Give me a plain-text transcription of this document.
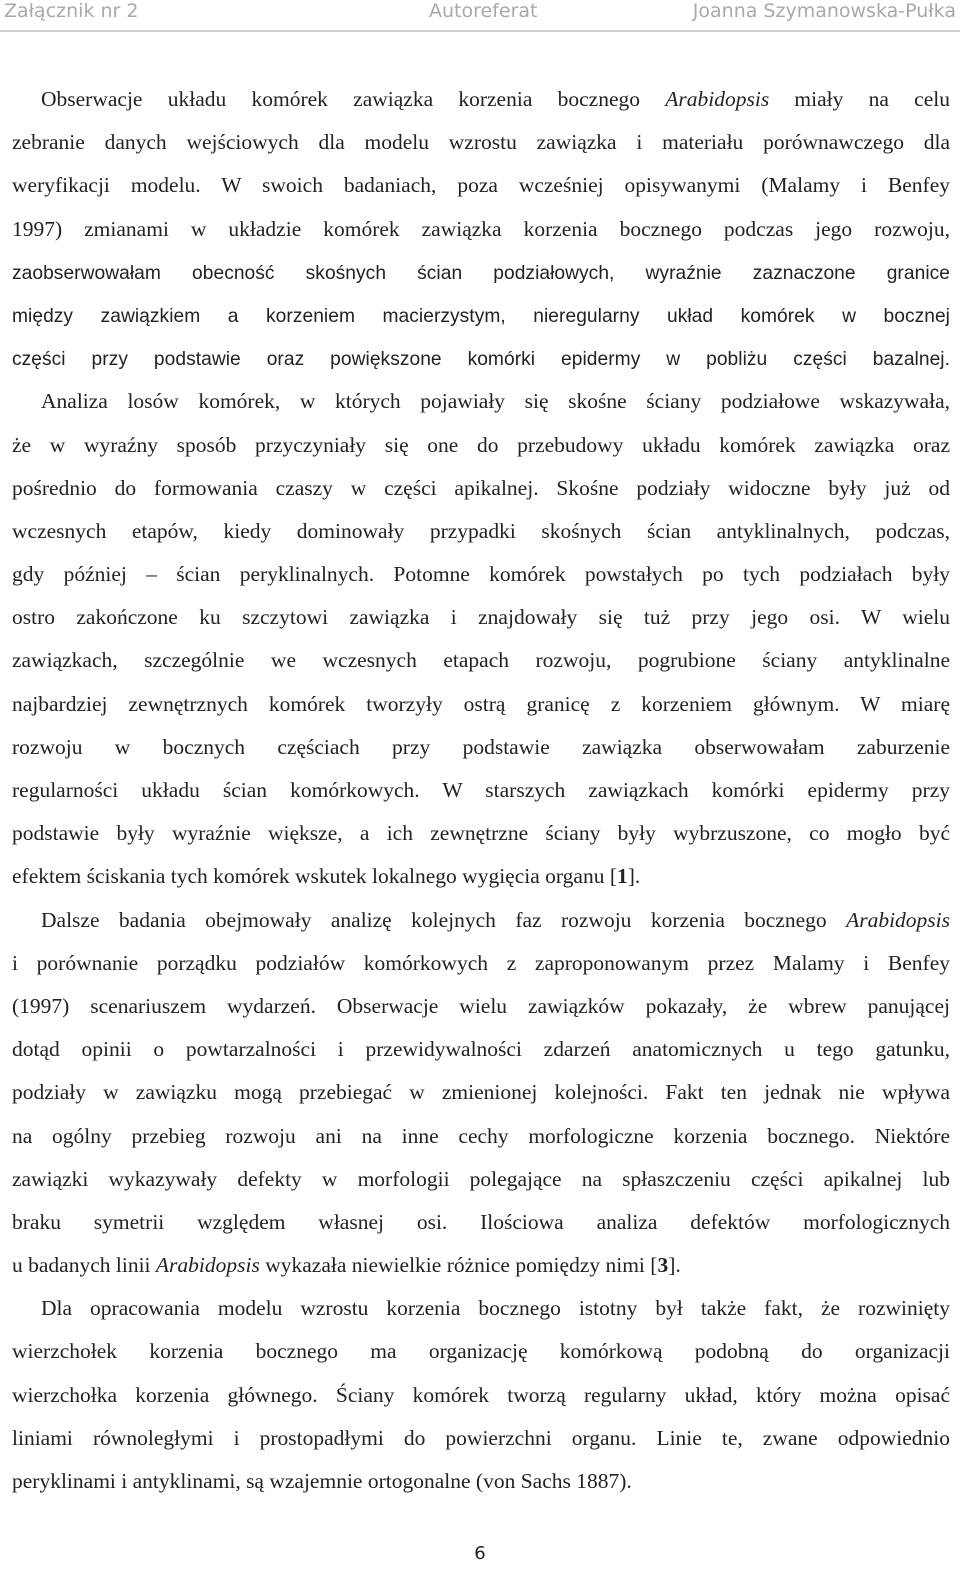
Załącznik nr 2	Autoreferat	Joanna Szymanowska-Pułka
Obserwacje układu komórek zawiązka korzenia bocznego Arabidopsis miały na celu
zebranie danych wejściowych dla modelu wzrostu zawiązka i materiału porównawczego dla
weryfikacji modelu. W swoich badaniach, poza wcześniej opisywanymi (Malamy i Benfey
1997) zmianami w układzie komórek zawiązka korzenia bocznego podczas jego rozwoju,
zaobserwowałam obecność skośnych ścian podziałowych, wyraźnie zaznaczone granice
między zawiązkiem a korzeniem macierzystym, nieregularny układ komórek w bocznej
części przy podstawie oraz powiększone komórki epidermy w pobliżu części bazalnej.
Analiza losów komórek, w których pojawiały się skośne ściany podziałowe wskazywała,
że w wyraźny sposób przyczyniały się one do przebudowy układu komórek zawiązka oraz
pośrednio do formowania czaszy w części apikalnej. Skośne podziały widoczne były już od
wczesnych etapów, kiedy dominowały przypadki skośnych ścian antyklinalnych, podczas,
gdy później – ścian peryklinalnych. Potomne komórek powstałych po tych podziałach były
ostro zakończone ku szczytowi zawiązka i znajdowały się tuż przy jego osi. W wielu
zawiązkach, szczególnie we wczesnych etapach rozwoju, pogrubione ściany antyklinalne
najbardziej zewnętrznych komórek tworzyły ostrą granicę z korzeniem głównym. W miarę
rozwoju w bocznych częściach przy podstawie zawiązka obserwowałam zaburzenie
regularności układu ścian komórkowych. W starszych zawiązkach komórki epidermy przy
podstawie były wyraźnie większe, a ich zewnętrzne ściany były wybrzuszone, co mogło być
efektem ściskania tych komórek wskutek lokalnego wygięcia organu [1].
Dalsze badania obejmowały analizę kolejnych faz rozwoju korzenia bocznego Arabidopsis
i porównanie porządku podziałów komórkowych z zaproponowanym przez Malamy i Benfey
(1997) scenariuszem wydarzeń. Obserwacje wielu zawiązków pokazały, że wbrew panującej
dotąd opinii o powtarzalności i przewidywalności zdarzeń anatomicznych u tego gatunku,
podziały w zawiązku mogą przebiegać w zmienionej kolejności. Fakt ten jednak nie wpływa
na ogólny przebieg rozwoju ani na inne cechy morfologiczne korzenia bocznego. Niektóre
zawiązki wykazywały defekty w morfologii polegające na spłaszczeniu części apikalnej lub
braku symetrii względem własnej osi. Ilościowa analiza defektów morfologicznych
u badanych linii Arabidopsis wykazała niewielkie różnice pomiędzy nimi [3].
Dla opracowania modelu wzrostu korzenia bocznego istotny był także fakt, że rozwinięty
wierzchołek korzenia bocznego ma organizację komórkową podobną do organizacji
wierzchołka korzenia głównego. Ściany komórek tworzą regularny układ, który można opisać
liniami równoległymi i prostopadłymi do powierzchni organu. Linie te, zwane odpowiednio
peryklinami i antyklinami, są wzajemnie ortogonalne (von Sachs 1887).
6
